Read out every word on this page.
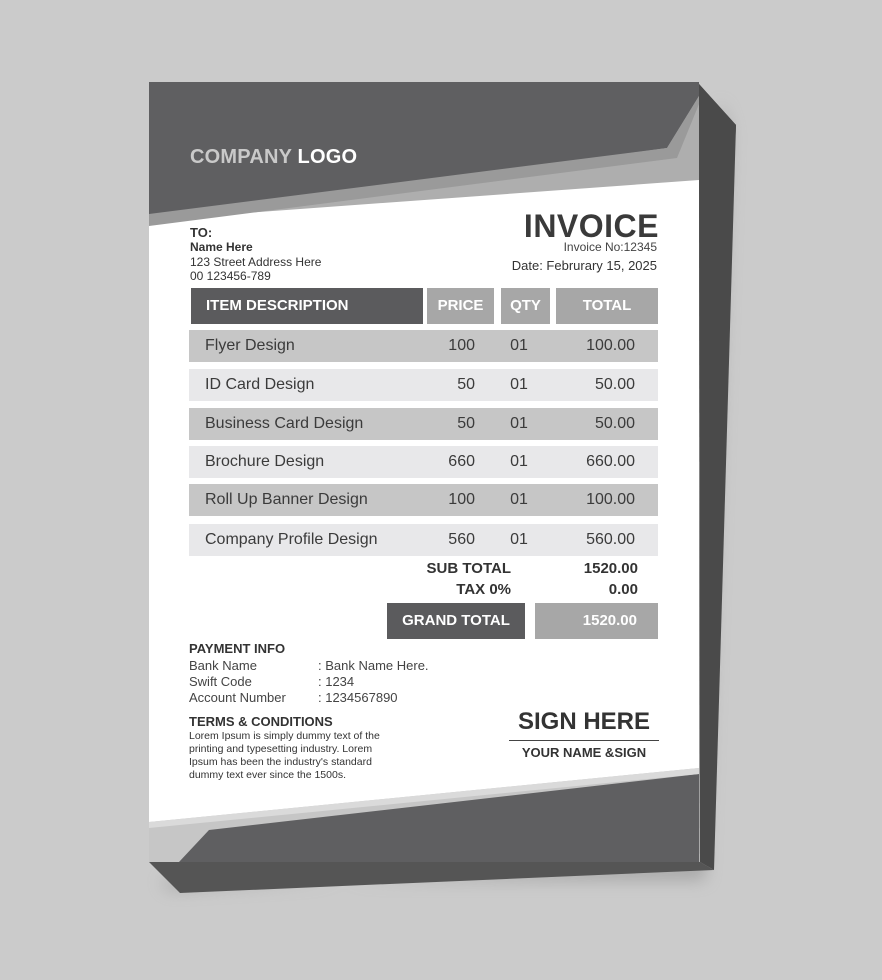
COMPANY LOGO
TO:
Name Here
123 Street Address Here
00 123456-789
INVOICE
Invoice No:12345
Date: Februrary 15, 2025
ITEM DESCRIPTION	PRICE	QTY	TOTAL
Flyer Design	100	01	100.00
ID Card Design	50	01	50.00
Business Card Design	50	01	50.00
Brochure Design	660	01	660.00
Roll Up Banner Design	100	01	100.00
Company Profile Design	560	01	560.00
SUB TOTAL	1520.00
TAX 0%	0.00
GRAND TOTAL	1520.00
PAYMENT INFO
Bank Name	: Bank Name Here.
Swift Code	: 1234
Account Number : 1234567890
TERMS & CONDITIONS
Lorem Ipsum is simply dummy text of the printing and typesetting industry. Lorem Ipsum has been the industry's standard dummy text ever since the 1500s.
SIGN HERE
YOUR NAME &SIGN
